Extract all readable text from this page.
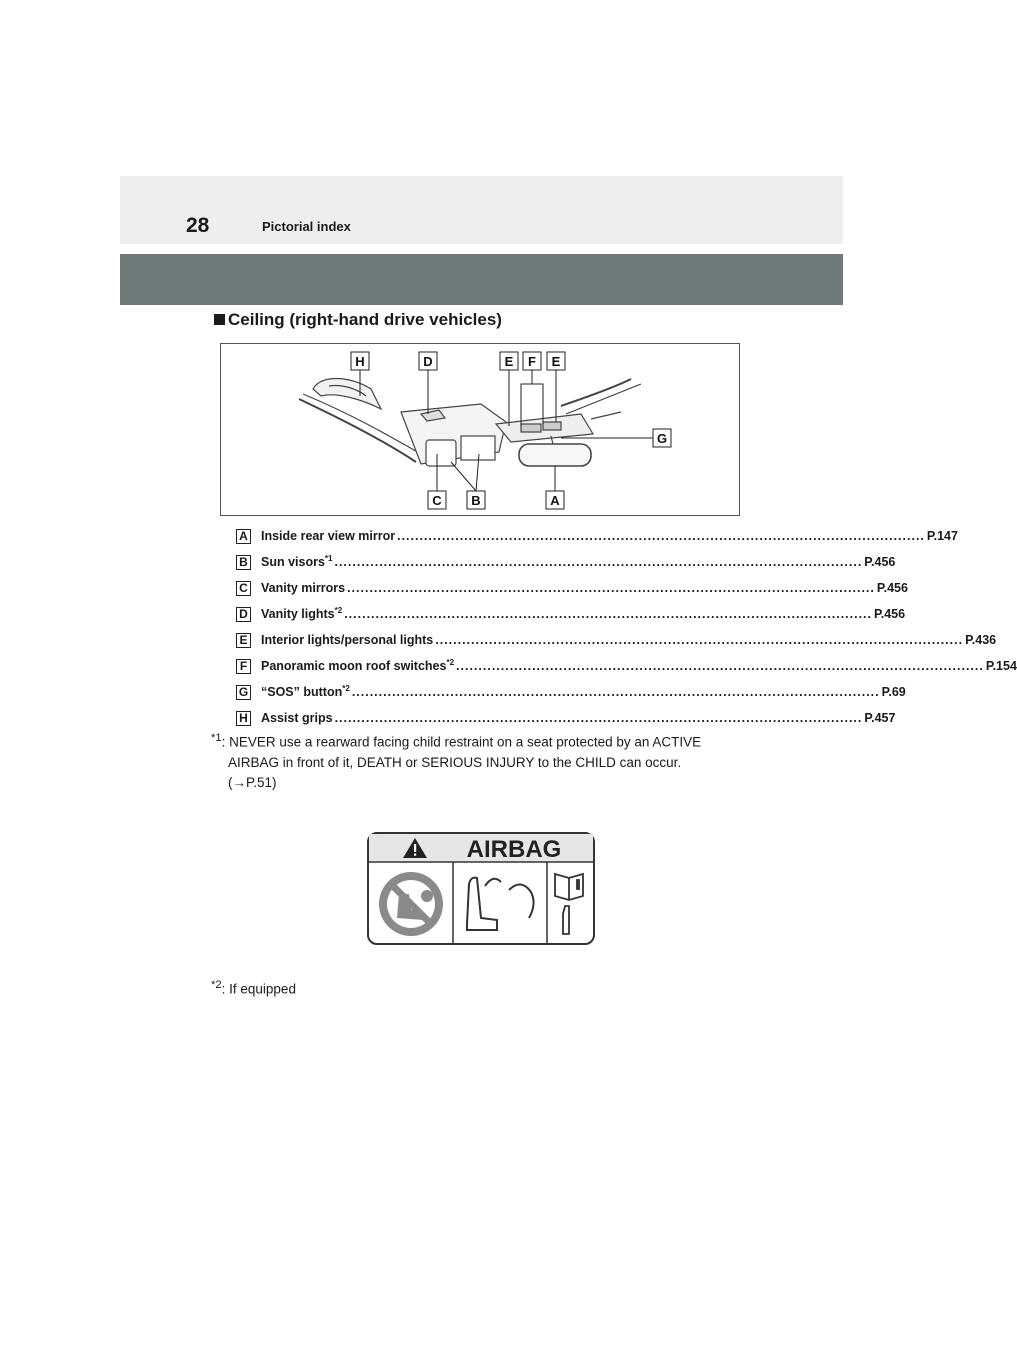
28	Pictorial index
Ceiling (right-hand drive vehicles)
H	D	E F E
G
C B	A
A Inside rear view mirror ...................................................................................................................... P.147
B Sun visors$^{*1}$ ...................................................................................................................... P.456
C Vanity mirrors ...................................................................................................................... P.456
D Vanity lights$^{*2}$ ...................................................................................................................... P.456
E Interior lights/personal lights ...................................................................................................................... P.436
F	Panoramic moon roof switches$^{*2}$ ...................................................................................................................... P.154
G “SOS” button$^{*2}$ ...................................................................................................................... P.69
H Assist grips ...................................................................................................................... P.457
$^{*1}$: NEVER use a rearward facing child restraint on a seat protected by an ACTIVE
AIRBAG in front of it, DEATH or SERIOUS INJURY to the CHILD can occur.
(→P.51)
AIRBAG
$^{*2}$: If equipped
